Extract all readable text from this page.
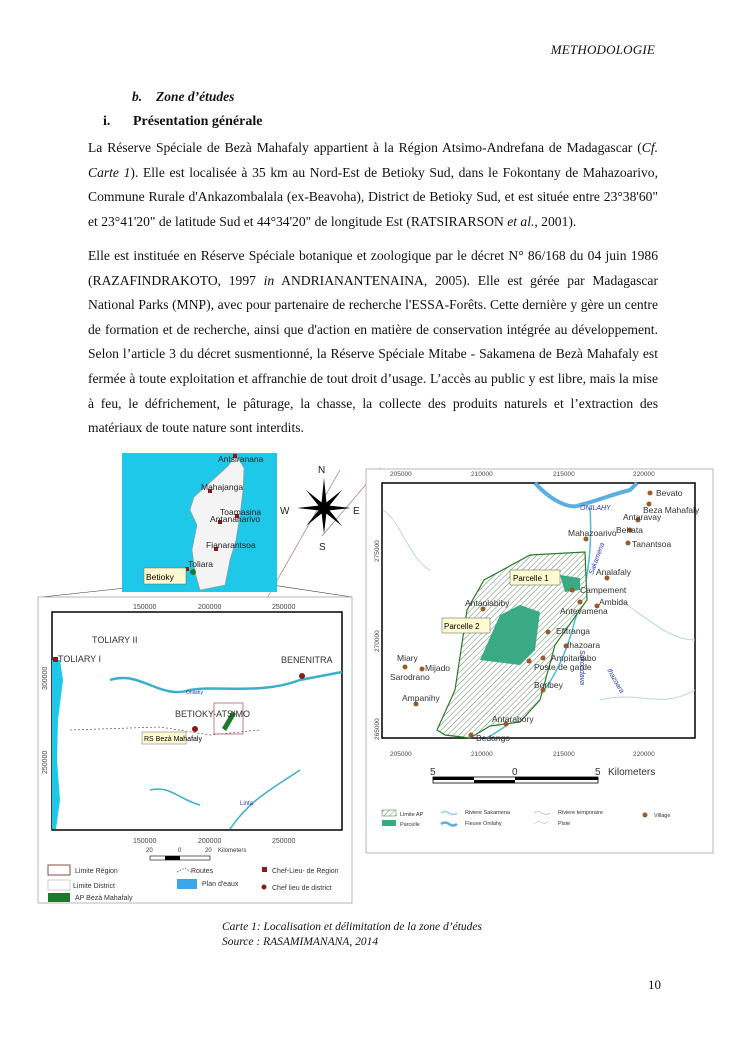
METHODOLOGIE
b. Zone d’études
i. Présentation générale
La Réserve Spéciale de Bezà Mahafaly appartient à la Région Atsimo-Andrefana de Madagascar (Cf. Carte 1). Elle est localisée à 35 km au Nord-Est de Betioky Sud, dans le Fokontany de Mahazoarivo, Commune Rurale d'Ankazombalala (ex-Beavoha), District de Betioky Sud, et est située entre 23°38'60" et 23°41'20" de latitude Sud et 44°34'20" de longitude Est (RATSIRARSON et al., 2001).
Elle est instituée en Réserve Spéciale botanique et zoologique par le décret N° 86/168 du 04 juin 1986 (RAZAFINDRAKOTO, 1997 in ANDRIANANTENAINA, 2005). Elle est gérée par Madagascar National Parks (MNP), avec pour partenaire de recherche l'ESSA-Forêts. Cette dernière y gère un centre de formation et de recherche, ainsi que d'action en matière de conservation intégrée au développement. Selon l’article 3 du décret susmentionné, la Réserve Spéciale Mitabe - Sakamena de Bezà Mahafaly est fermée à toute exploitation et affranchie de tout droit d’usage. L’accès au public y est libre, mais la mise à feu, le défrichement, le pâturage, la chasse, la collecte des produits naturels et l’extraction des matériaux de toute nature sont interdits.
Antsiranana
Mahajanga
Toamasina
Antananarivo
Fianarantsoa
Toliara
Betioky
N
S
E
W
150000	200000	250000
150000	200000	250000
300000
250000
TOLIARY II
TOLIARY I	BENENITRA
BETIOKY-ATSIMO
Onilahy
Linta
RS Bezà Mahafaly
20	0	20 Kilometers
Limite Région
Limite District
AP Bezà Mahafaly
Routes
Plan d'eaux
Chef-Lieu- de Region
Chef lieu de district
205000	210000	215000	220000
205000	210000	215000	220000
275000
270000
265000
ONILAHY
Sakamena
Sakondava	Ihazoara
Bevato
Beza Mahafaly
Antaravay
Behata
Mahazoarivo
Tanantsoa
Analafaly
Campement
Ambida
Antevamena
Antaolabiby
Efitranga
Ihazoara
Ampitanabo
Poste de garde
Miary
Mijado
Sarodrano
Boribey
Ampanihy
Antarabory
Bedango
Parcelle 1
Parcelle 2
5	0	5 Kilometers
Limite AP
Parcelle
Riviere Sakamena
Fleuve Onilahy
Riviere temporaire
Piste
Village
Carte 1: Localisation et délimitation de la zone d’études
Source : RASAMIMANANA, 2014
10
